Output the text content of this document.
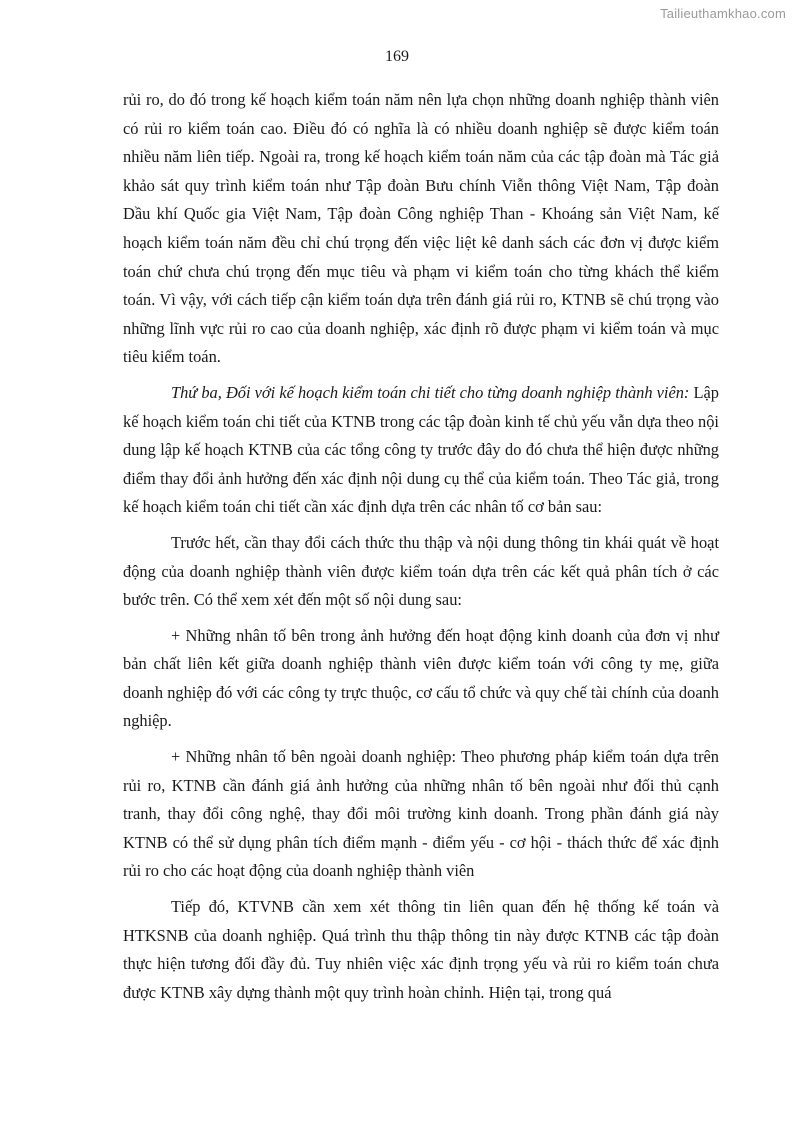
Tailieuthamkhao.com
169

rủi ro, do đó trong kế hoạch kiểm toán năm nên lựa chọn những doanh nghiệp thành viên có rủi ro kiểm toán cao. Điều đó có nghĩa là có nhiều doanh nghiệp sẽ được kiểm toán nhiều năm liên tiếp. Ngoài ra, trong kế hoạch kiểm toán năm của các tập đoàn mà Tác giả khảo sát quy trình kiểm toán như Tập đoàn Bưu chính Viễn thông Việt Nam, Tập đoàn Dầu khí Quốc gia Việt Nam, Tập đoàn Công nghiệp Than - Khoáng sản Việt Nam, kế hoạch kiểm toán năm đều chỉ chú trọng đến việc liệt kê danh sách các đơn vị được kiểm toán chứ chưa chú trọng đến mục tiêu và phạm vi kiểm toán cho từng khách thể kiểm toán. Vì vậy, với cách tiếp cận kiểm toán dựa trên đánh giá rủi ro, KTNB sẽ chú trọng vào những lĩnh vực rủi ro cao của doanh nghiệp, xác định rõ được phạm vi kiểm toán và mục tiêu kiểm toán.

Thứ ba, Đối với kế hoạch kiểm toán chi tiết cho từng doanh nghiệp thành viên: Lập kế hoạch kiểm toán chi tiết của KTNB trong các tập đoàn kinh tế chủ yếu vẫn dựa theo nội dung lập kế hoạch KTNB của các tổng công ty trước đây do đó chưa thể hiện được những điểm thay đổi ảnh hưởng đến xác định nội dung cụ thể của kiểm toán. Theo Tác giả, trong kế hoạch kiểm toán chi tiết cần xác định dựa trên các nhân tố cơ bản sau:

Trước hết, cần thay đổi cách thức thu thập và nội dung thông tin khái quát về hoạt động của doanh nghiệp thành viên được kiểm toán dựa trên các kết quả phân tích ở các bước trên. Có thể xem xét đến một số nội dung sau:

+ Những nhân tố bên trong ảnh hưởng đến hoạt động kinh doanh của đơn vị như bản chất liên kết giữa doanh nghiệp thành viên được kiểm toán với công ty mẹ, giữa doanh nghiệp đó với các công ty trực thuộc, cơ cấu tổ chức và quy chế tài chính của doanh nghiệp.

+ Những nhân tố bên ngoài doanh nghiệp: Theo phương pháp kiểm toán dựa trên rủi ro, KTNB cần đánh giá ảnh hưởng của những nhân tố bên ngoài như đối thủ cạnh tranh, thay đổi công nghệ, thay đổi môi trường kinh doanh. Trong phần đánh giá này KTNB có thể sử dụng phân tích điểm mạnh - điểm yếu - cơ hội - thách thức để xác định rủi ro cho các hoạt động của doanh nghiệp thành viên

Tiếp đó, KTVNB cần xem xét thông tin liên quan đến hệ thống kế toán và HTKSNB của doanh nghiệp. Quá trình thu thập thông tin này được KTNB các tập đoàn thực hiện tương đối đầy đủ. Tuy nhiên việc xác định trọng yếu và rủi ro kiểm toán chưa được KTNB xây dựng thành một quy trình hoàn chỉnh. Hiện tại, trong quá
